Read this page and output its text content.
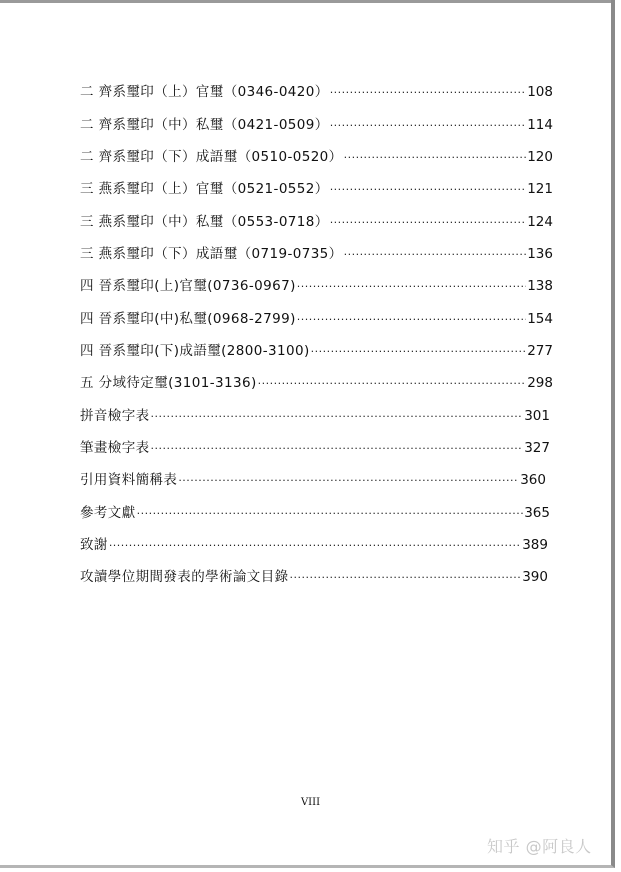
二 齊系璽印（上）官璽（0346-0420） ·····	108
二 齊系璽印（中）私璽（0421-0509） ·····	114
二 齊系璽印（下）成語璽（0510-0520） ·····	120
三 燕系璽印（上）官璽（0521-0552） ·····	121
三 燕系璽印（中）私璽（0553-0718） ·····	124
三 燕系璽印（下）成語璽（0719-0735） ·····	136
四 晉系璽印(上)官璽(0736-0967) ·····	138
四 晉系璽印(中)私璽(0968-2799) ·····	154
四 晉系璽印(下)成語璽(2800-3100) ·····	277
五 分域待定璽(3101-3136) ·····	298
拼音檢字表 ·····	301
筆畫檢字表 ·····	327
引用資料簡稱表 ·····	360
參考文獻 ·····	365
致謝 ·····	389
攻讀學位期間發表的學術論文目錄 ·····	390
VIII
知乎 @阿良人
